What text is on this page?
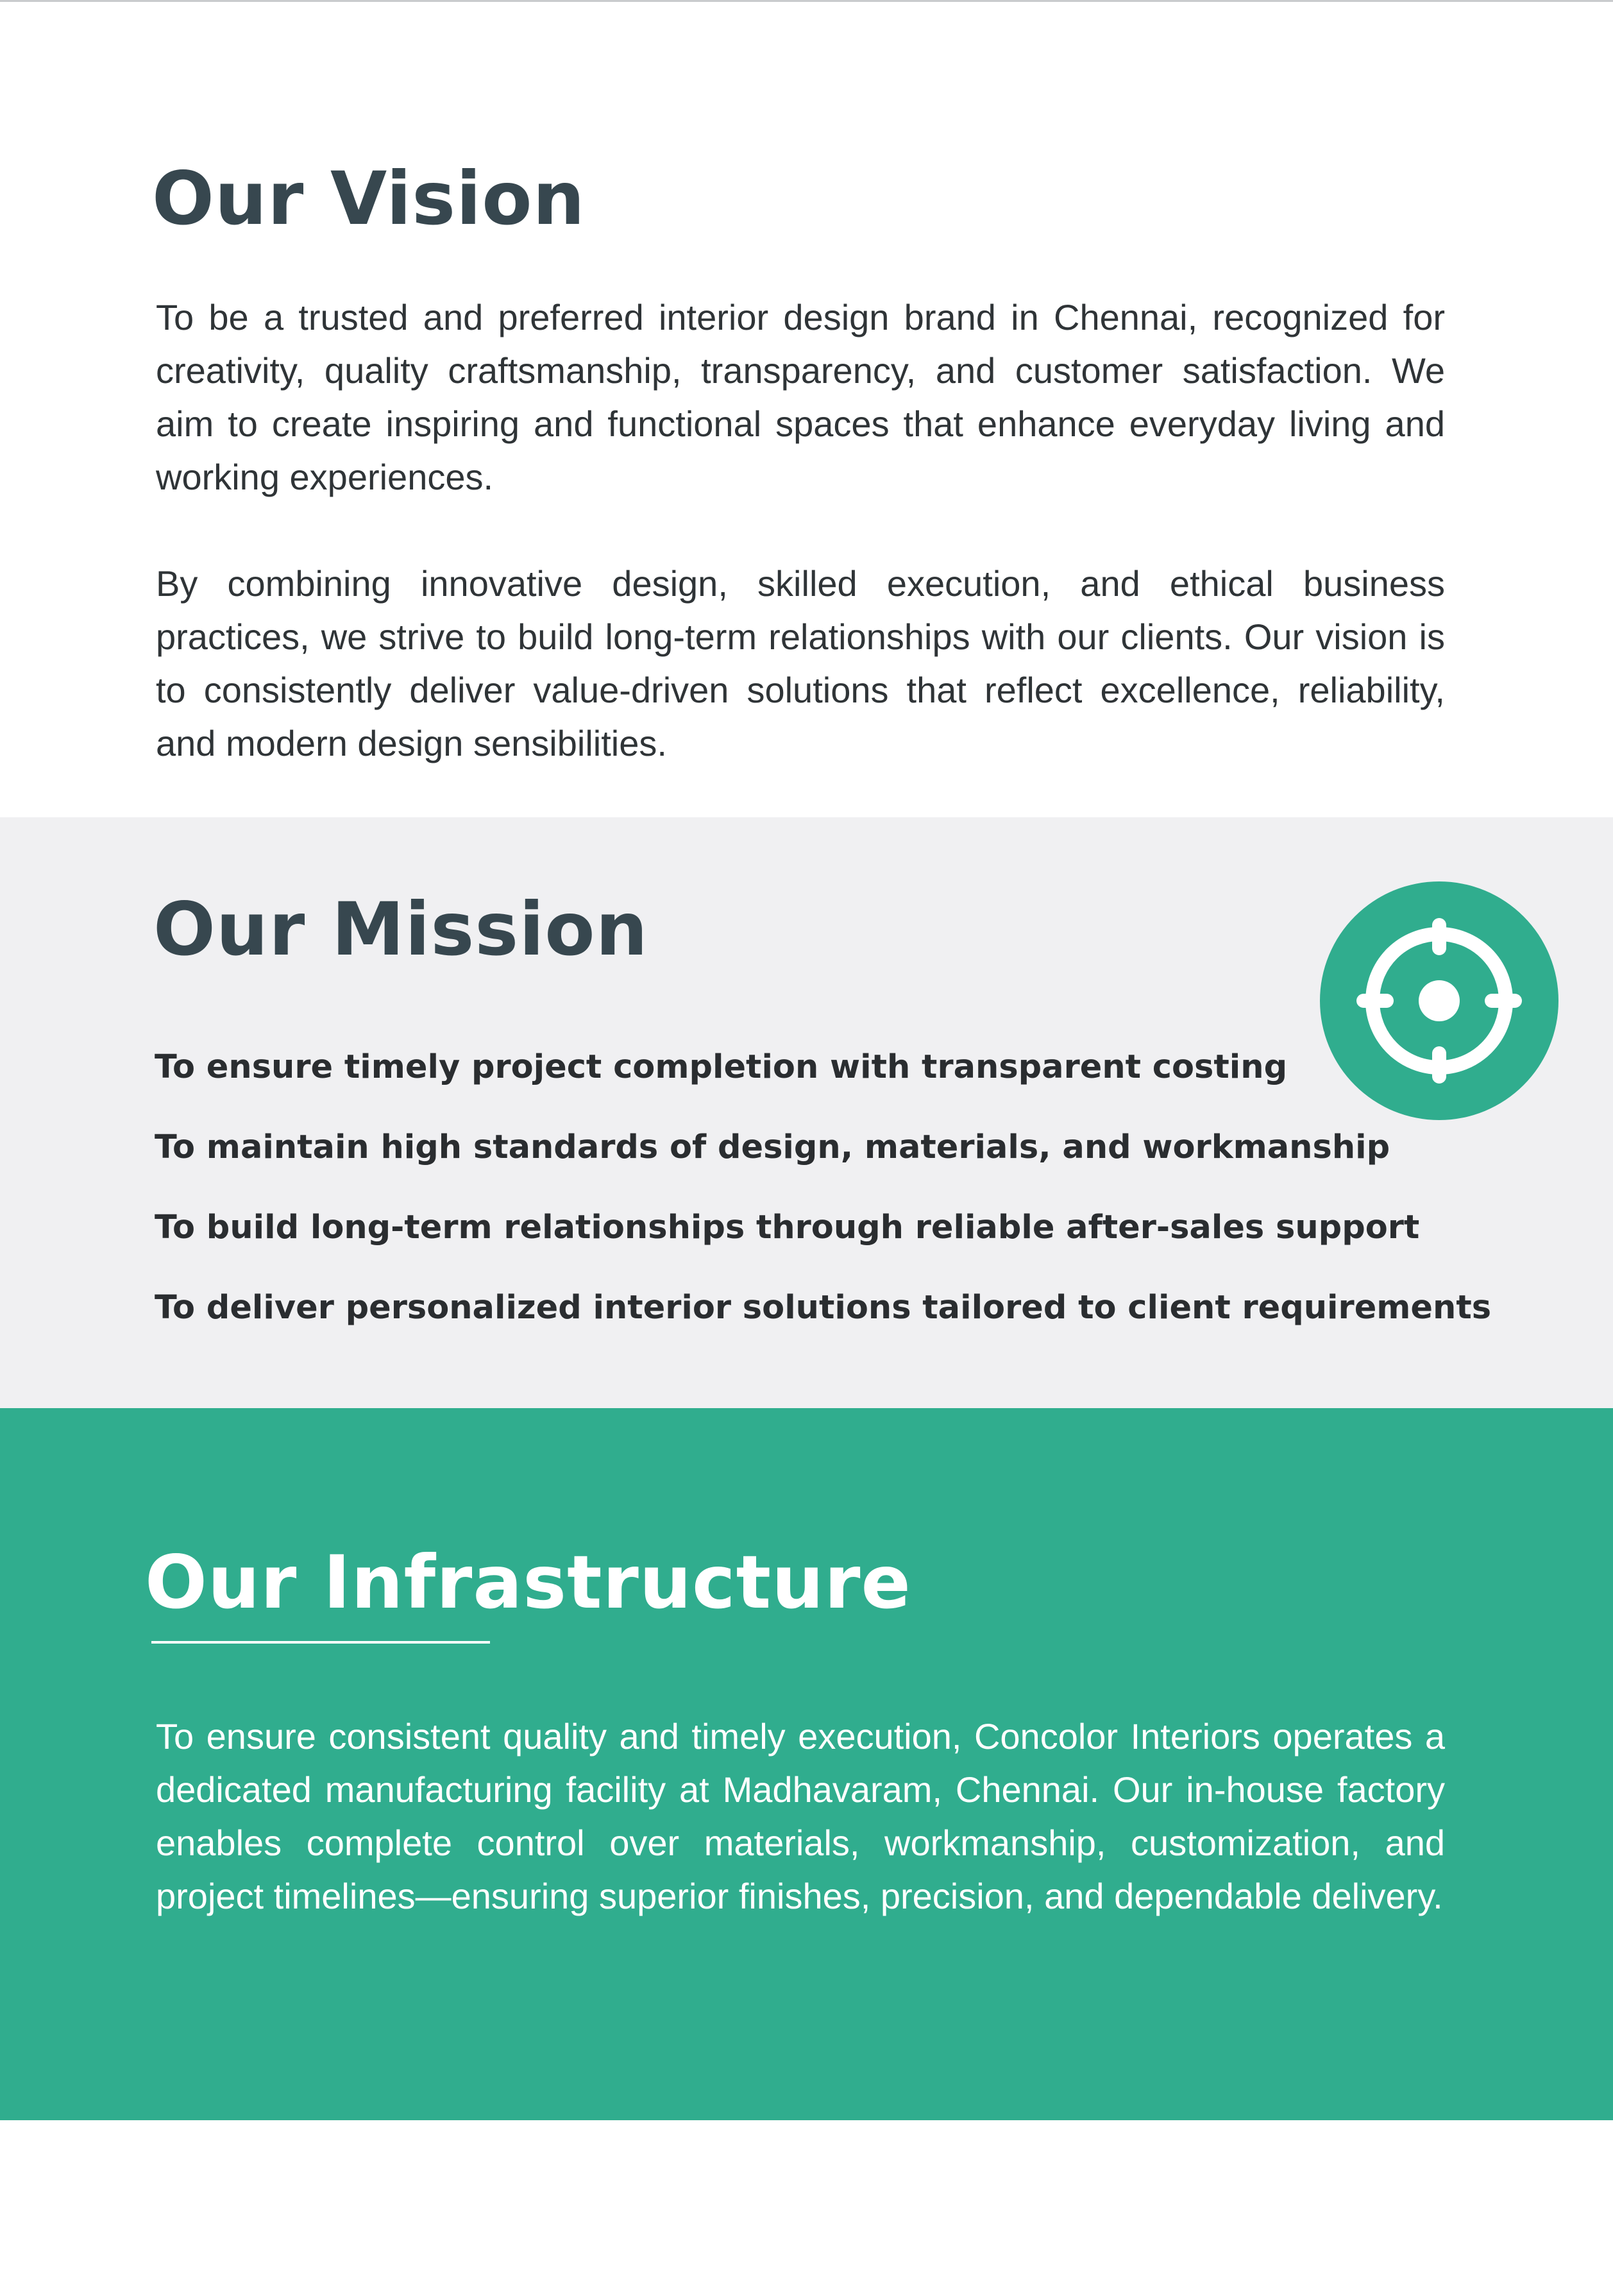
Our Vision

To be a trusted and preferred interior design brand in Chennai, recognized for creativity, quality craftsmanship, transparency, and customer satisfaction. We aim to create inspiring and functional spaces that enhance everyday living and working experiences.

By combining innovative design, skilled execution, and ethical business practices, we strive to build long-term relationships with our clients. Our vision is to consistently deliver value-driven solutions that reflect excellence, reliability, and modern design sensibilities.

Our Mission
To ensure timely project completion with transparent costing
To maintain high standards of design, materials, and workmanship
To build long-term relationships through reliable after-sales support
To deliver personalized interior solutions tailored to client requirements
Our Infrastructure

To ensure consistent quality and timely execution, Concolor Interiors operates a dedicated manufacturing facility at Madhavaram, Chennai. Our in-house factory enables complete control over materials, workmanship, customization, and project timelines—ensuring superior finishes, precision, and dependable delivery.
